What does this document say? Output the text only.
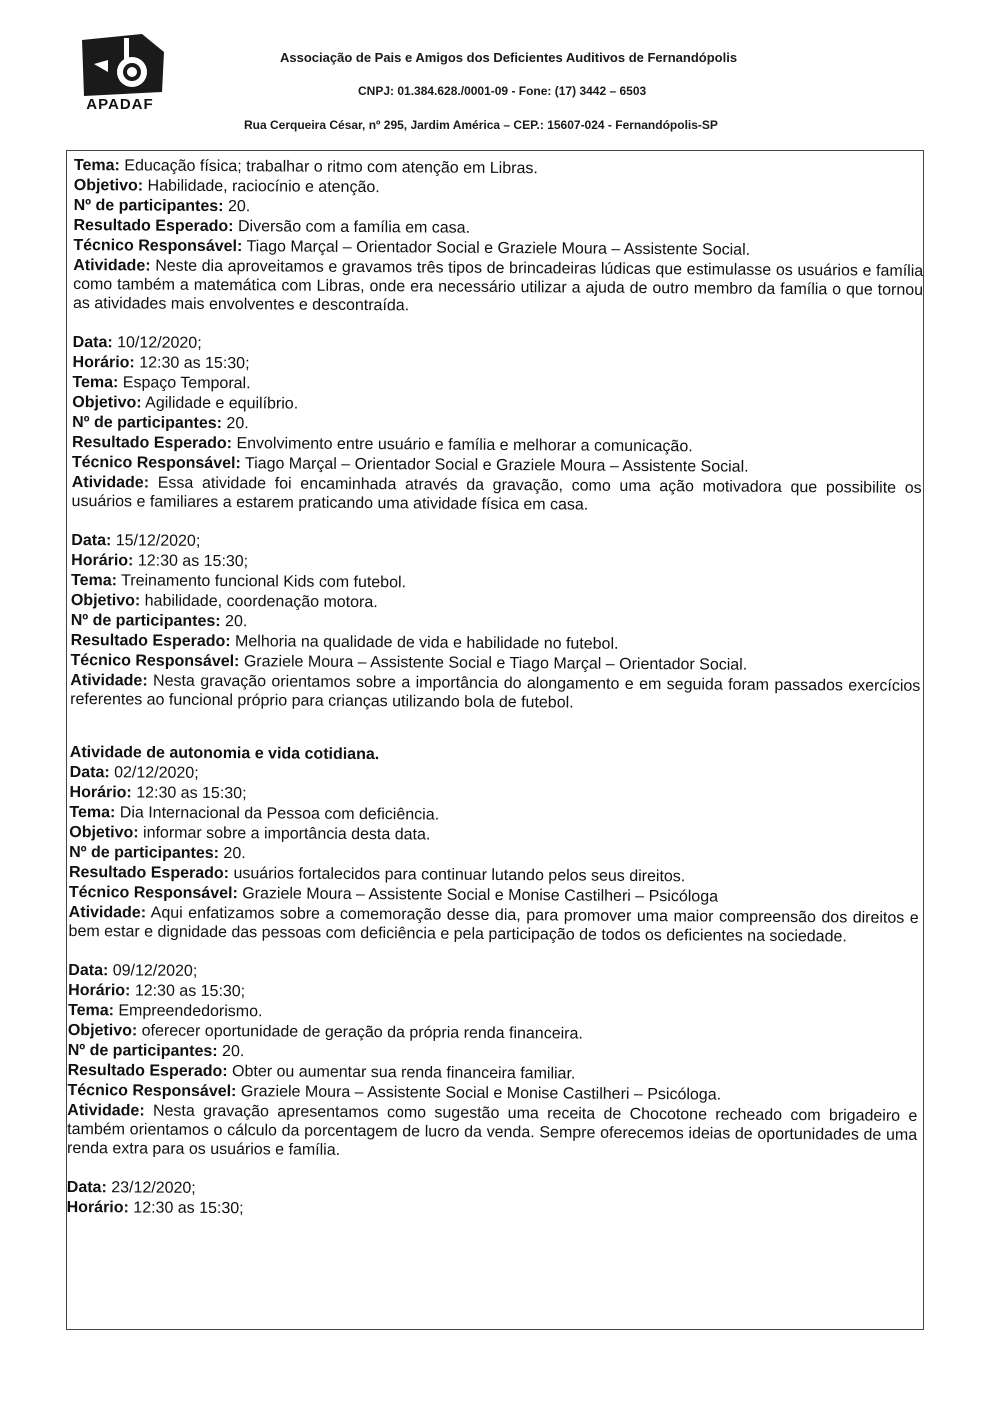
APADAF
Associação de Pais e Amigos dos Deficientes Auditivos de Fernandópolis
CNPJ: 01.384.628./0001-09 - Fone: (17) 3442 – 6503
Rua Cerqueira César, nº 295, Jardim América – CEP.: 15607-024 - Fernandópolis-SP
Tema: Educação física; trabalhar o ritmo com atenção em Libras.
Objetivo: Habilidade, raciocínio e atenção.
Nº de participantes: 20.
Resultado Esperado: Diversão com a família em casa.
Técnico Responsável: Tiago Marçal – Orientador Social e Graziele Moura – Assistente Social.
Atividade: Neste dia aproveitamos e gravamos três tipos de brincadeiras lúdicas que estimulasse os usuários e família como também a matemática com Libras, onde era necessário utilizar a ajuda de outro membro da família o que tornou as atividades mais envolventes e descontraída.
Data: 10/12/2020;
Horário: 12:30 as 15:30;
Tema: Espaço Temporal.
Objetivo: Agilidade e equilíbrio.
Nº de participantes: 20.
Resultado Esperado: Envolvimento entre usuário e família e melhorar a comunicação.
Técnico Responsável: Tiago Marçal – Orientador Social e Graziele Moura – Assistente Social.
Atividade: Essa atividade foi encaminhada através da gravação, como uma ação motivadora que possibilite os usuários e familiares a estarem praticando uma atividade física em casa.
Data: 15/12/2020;
Horário: 12:30 as 15:30;
Tema: Treinamento funcional Kids com futebol.
Objetivo: habilidade, coordenação motora.
Nº de participantes: 20.
Resultado Esperado: Melhoria na qualidade de vida e habilidade no futebol.
Técnico Responsável: Graziele Moura – Assistente Social e Tiago Marçal – Orientador Social.
Atividade: Nesta gravação orientamos sobre a importância do alongamento e em seguida foram passados exercícios referentes ao funcional próprio para crianças utilizando bola de futebol.
Atividade de autonomia e vida cotidiana.
Data: 02/12/2020;
Horário: 12:30 as 15:30;
Tema: Dia Internacional da Pessoa com deficiência.
Objetivo: informar sobre a importância desta data.
Nº de participantes: 20.
Resultado Esperado: usuários fortalecidos para continuar lutando pelos seus direitos.
Técnico Responsável: Graziele Moura – Assistente Social e Monise Castilheri – Psicóloga
Atividade: Aqui enfatizamos sobre a comemoração desse dia, para promover uma maior compreensão dos direitos e bem estar e dignidade das pessoas com deficiência e pela participação de todos os deficientes na sociedade.
Data: 09/12/2020;
Horário: 12:30 as 15:30;
Tema: Empreendedorismo.
Objetivo: oferecer oportunidade de geração da própria renda financeira.
Nº de participantes: 20.
Resultado Esperado: Obter ou aumentar sua renda financeira familiar.
Técnico Responsável: Graziele Moura – Assistente Social e Monise Castilheri – Psicóloga.
Atividade: Nesta gravação apresentamos como sugestão uma receita de Chocotone recheado com brigadeiro e também orientamos o cálculo da porcentagem de lucro da venda. Sempre oferecemos ideias de oportunidades de uma renda extra para os usuários e família.
Data: 23/12/2020;
Horário: 12:30 as 15:30;
